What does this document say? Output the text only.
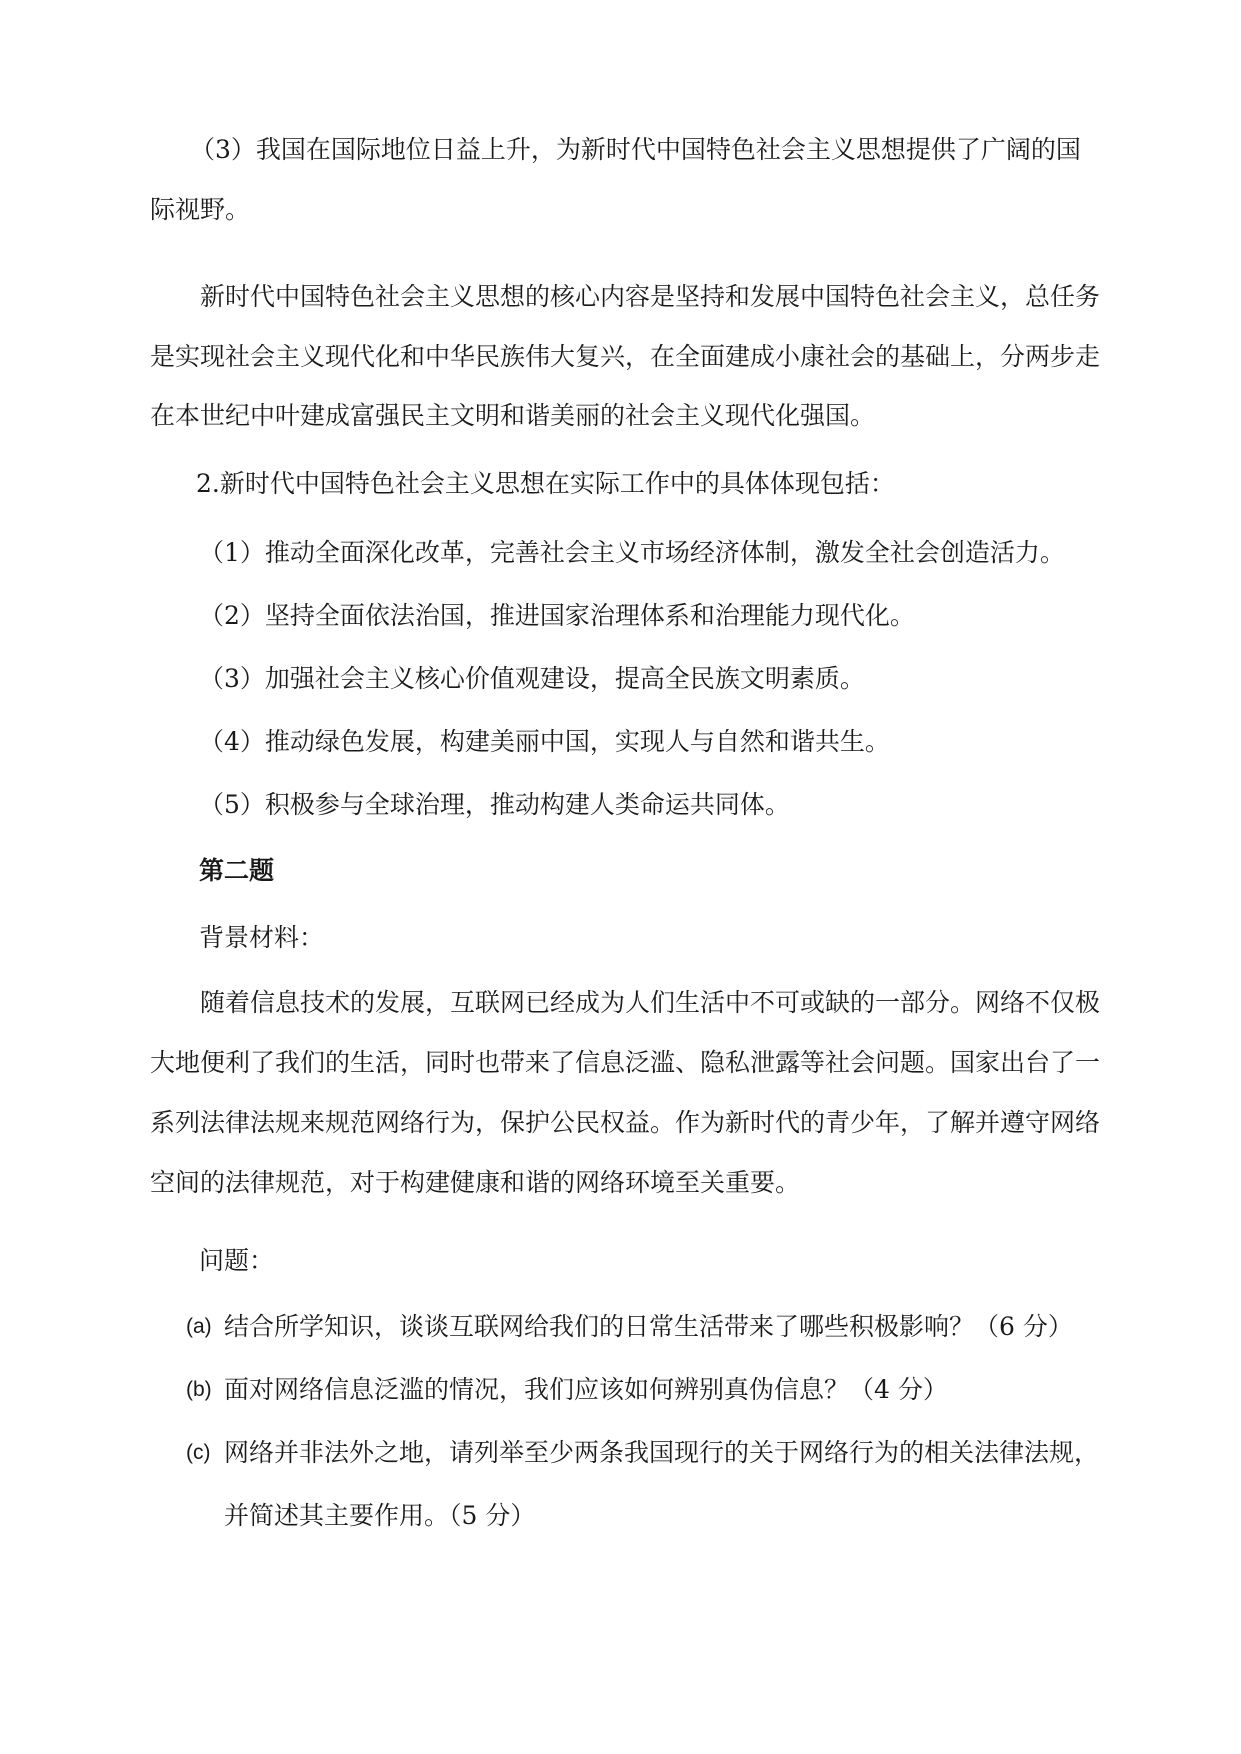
（3）我国在国际地位日益上升，为新时代中国特色社会主义思想提供了广阔的国
际视野。
新时代中国特色社会主义思想的核心内容是坚持和发展中国特色社会主义，总任务
是实现社会主义现代化和中华民族伟大复兴，在全面建成小康社会的基础上，分两步走
在本世纪中叶建成富强民主文明和谐美丽的社会主义现代化强国。
2.新时代中国特色社会主义思想在实际工作中的具体体现包括：
（1）推动全面深化改革，完善社会主义市场经济体制，激发全社会创造活力。
（2）坚持全面依法治国，推进国家治理体系和治理能力现代化。
（3）加强社会主义核心价值观建设，提高全民族文明素质。
（4）推动绿色发展，构建美丽中国，实现人与自然和谐共生。
（5）积极参与全球治理，推动构建人类命运共同体。
第二题
背景材料：
随着信息技术的发展，互联网已经成为人们生活中不可或缺的一部分。网络不仅极
大地便利了我们的生活，同时也带来了信息泛滥、隐私泄露等社会问题。国家出台了一
系列法律法规来规范网络行为，保护公民权益。作为新时代的青少年，了解并遵守网络
空间的法律规范，对于构建健康和谐的网络环境至关重要。
问题：
(a) 结合所学知识，谈谈互联网给我们的日常生活带来了哪些积极影响？（6 分）
(b) 面对网络信息泛滥的情况，我们应该如何辨别真伪信息？（4 分）
(c) 网络并非法外之地，请列举至少两条我国现行的关于网络行为的相关法律法规，
并简述其主要作用。（5 分）
